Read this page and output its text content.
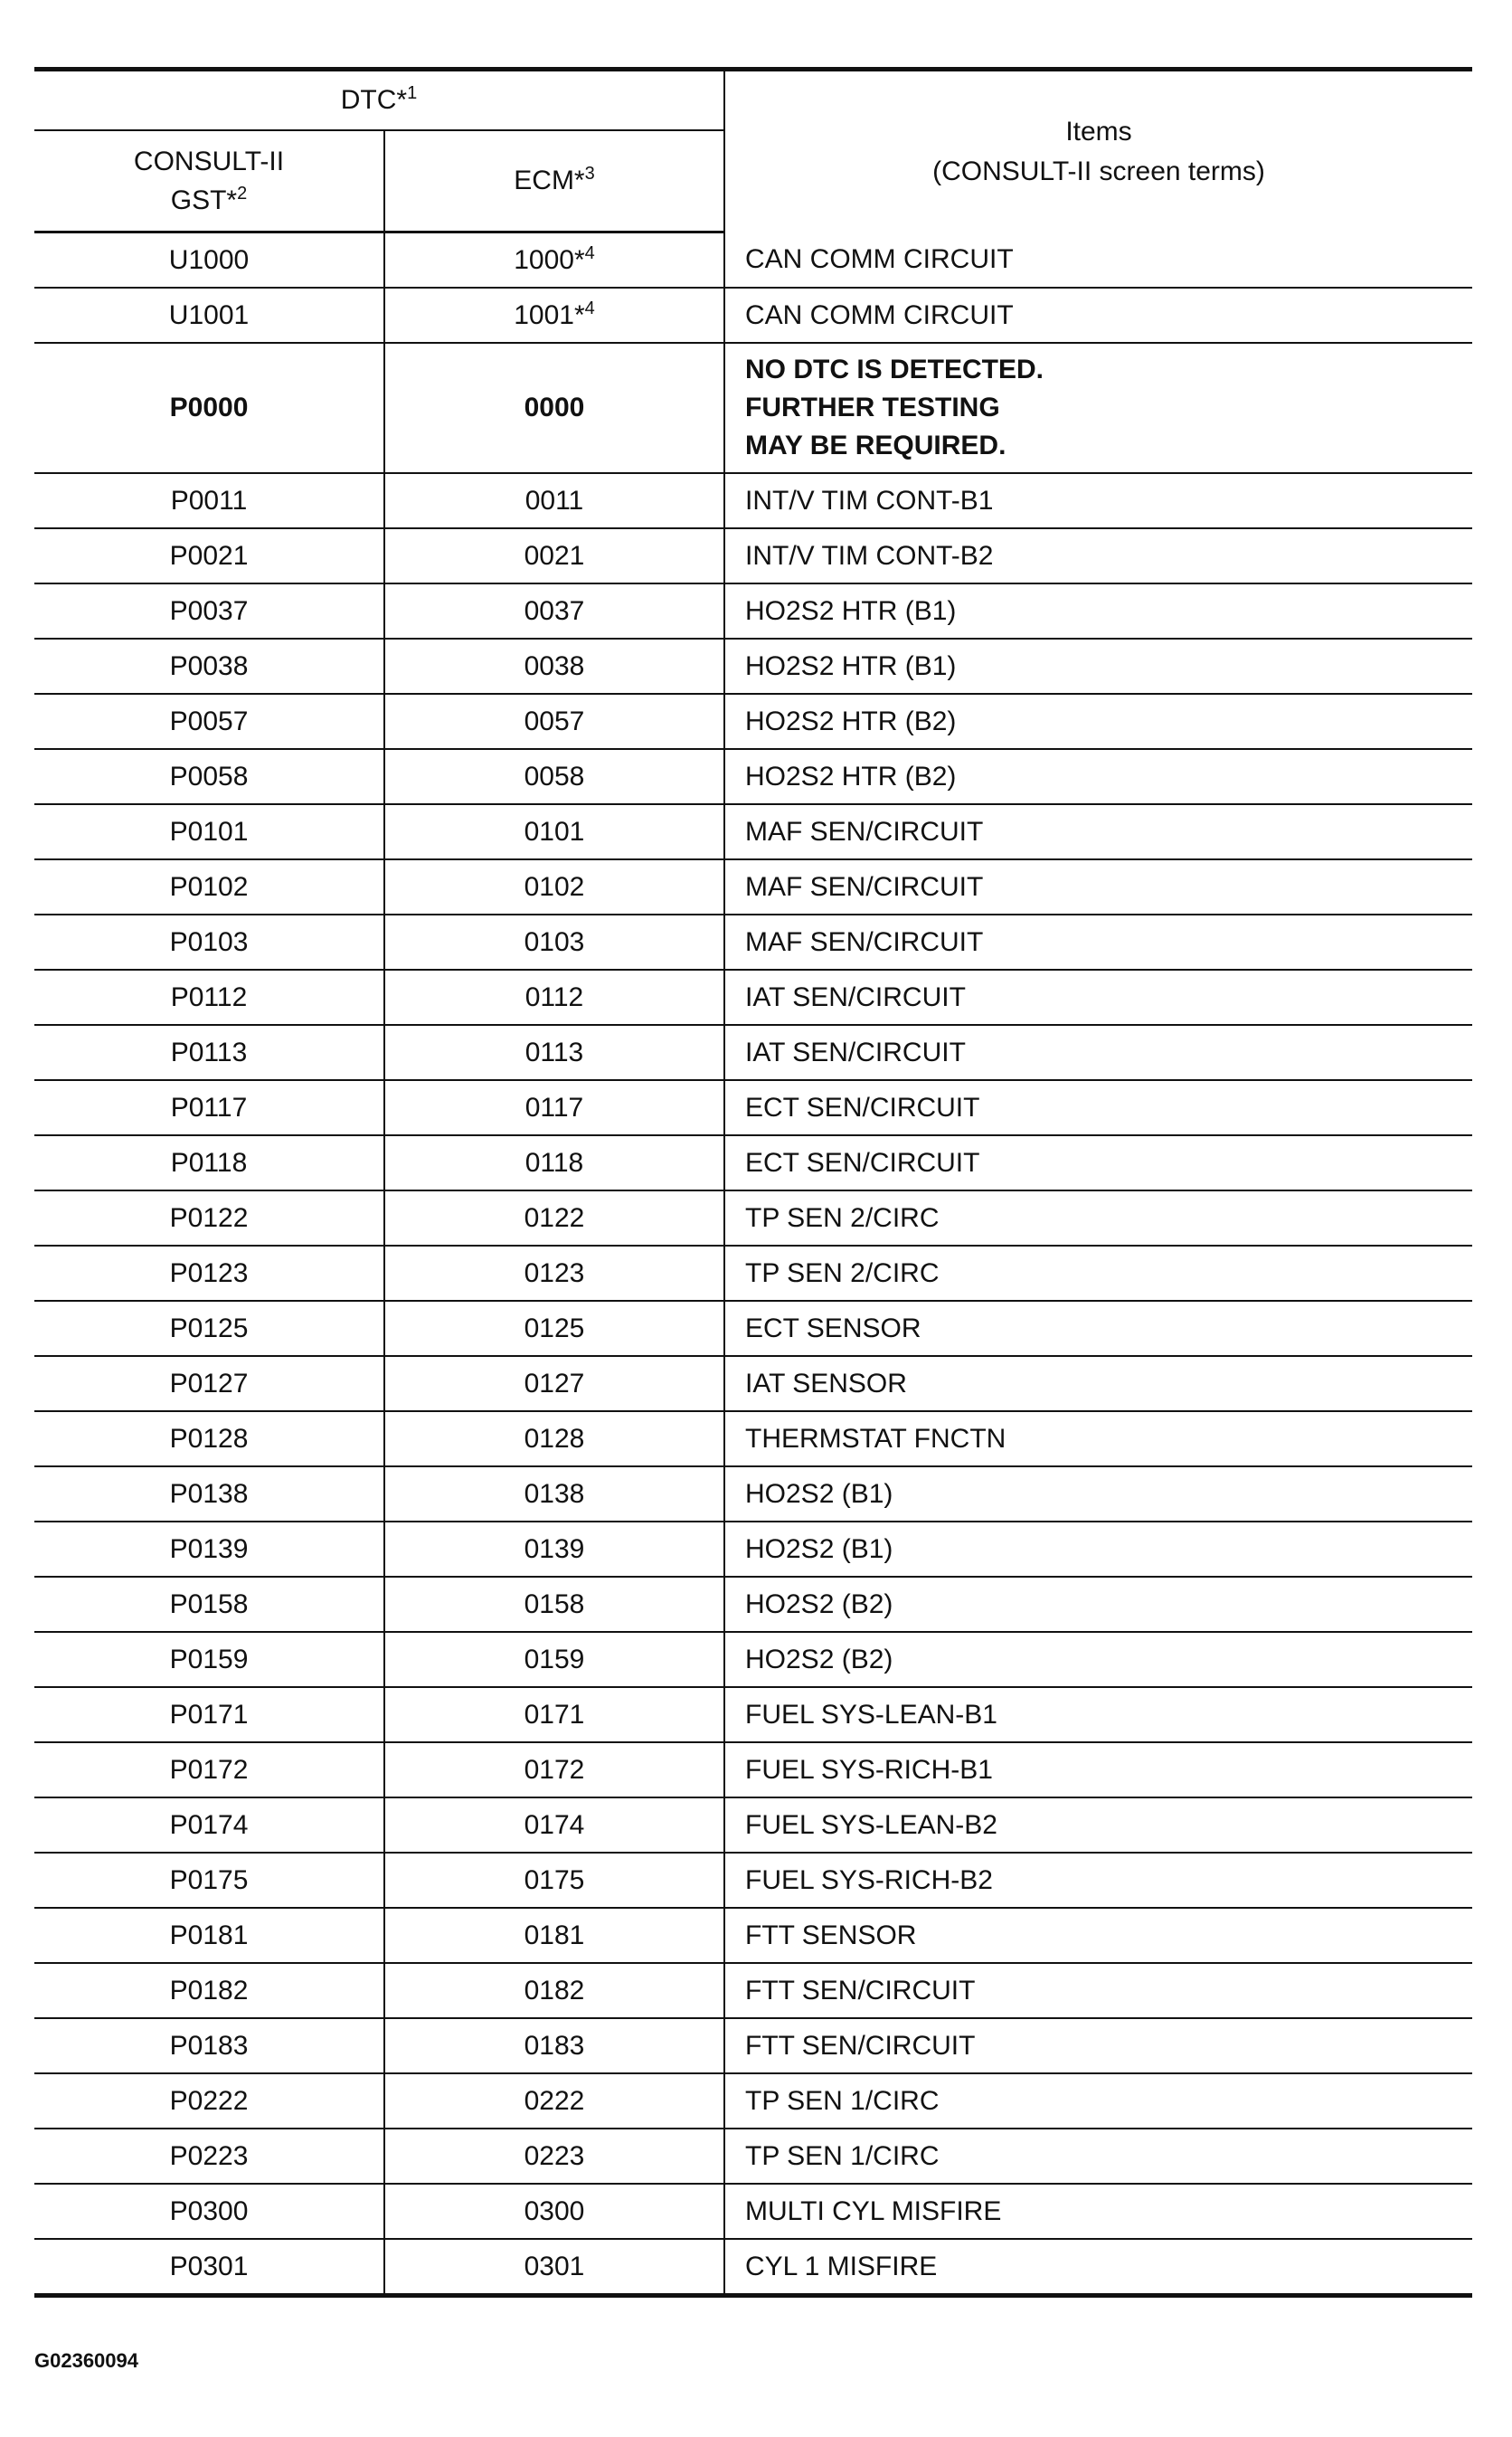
DTC*$^1$		Items
(CONSULT-II screen terms)

CONSULT-II
GST*$^2$	ECM*$^3$
U1000	1000*$^4$	CAN COMM CIRCUIT
U1001	1001*$^4$	CAN COMM CIRCUIT
P0000	0000	NO DTC IS DETECTED.
FURTHER TESTING
MAY BE REQUIRED.

P0011	0011	INT/V TIM CONT-B1
P0021	0021	INT/V TIM CONT-B2
P0037	0037	HO2S2 HTR (B1)
P0038	0038	HO2S2 HTR (B1)
P0057	0057	HO2S2 HTR (B2)
P0058	0058	HO2S2 HTR (B2)
P0101	0101	MAF SEN/CIRCUIT
P0102	0102	MAF SEN/CIRCUIT
P0103	0103	MAF SEN/CIRCUIT
P0112	0112	IAT SEN/CIRCUIT
P0113	0113	IAT SEN/CIRCUIT
P0117	0117	ECT SEN/CIRCUIT
P0118	0118	ECT SEN/CIRCUIT
P0122	0122	TP SEN 2/CIRC
P0123	0123	TP SEN 2/CIRC
P0125	0125	ECT SENSOR
P0127	0127	IAT SENSOR
P0128	0128	THERMSTAT FNCTN
P0138	0138	HO2S2 (B1)
P0139	0139	HO2S2 (B1)
P0158	0158	HO2S2 (B2)
P0159	0159	HO2S2 (B2)
P0171	0171	FUEL SYS-LEAN-B1
P0172	0172	FUEL SYS-RICH-B1
P0174	0174	FUEL SYS-LEAN-B2
P0175	0175	FUEL SYS-RICH-B2
P0181	0181	FTT SENSOR
P0182	0182	FTT SEN/CIRCUIT
P0183	0183	FTT SEN/CIRCUIT
P0222	0222	TP SEN 1/CIRC
P0223	0223	TP SEN 1/CIRC
P0300	0300	MULTI CYL MISFIRE
P0301	0301	CYL 1 MISFIRE
G02360094
